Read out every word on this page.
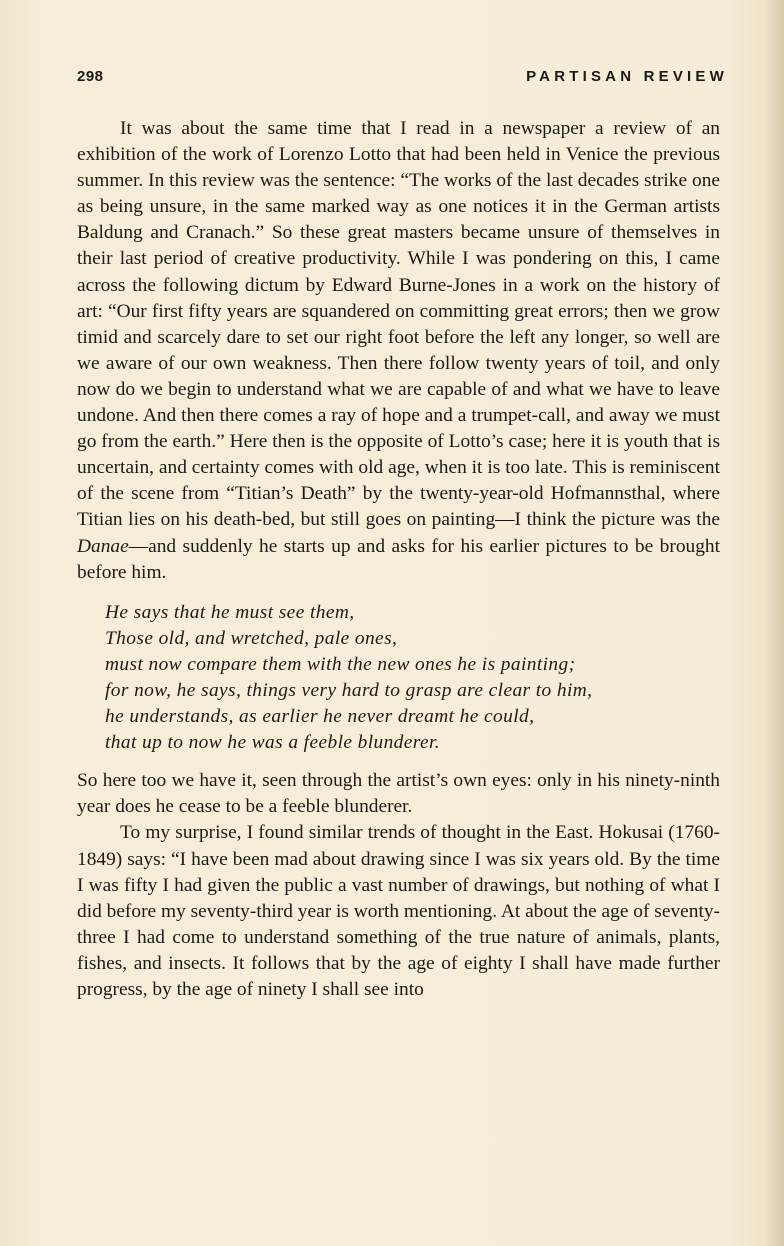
298	PARTISAN REVIEW

It was about the same time that I read in a newspaper a review of an exhibition of the work of Lorenzo Lotto that had been held in Venice the previous summer. In this review was the sentence: “The works of the last decades strike one as being unsure, in the same marked way as one notices it in the German artists Baldung and Cranach.” So these great masters became unsure of themselves in their last period of creative productivity. While I was pondering on this, I came across the following dictum by Edward Burne-Jones in a work on the history of art: “Our first fifty years are squandered on committing great errors; then we grow timid and scarcely dare to set our right foot before the left any longer, so well are we aware of our own weakness. Then there follow twenty years of toil, and only now do we begin to understand what we are capable of and what we have to leave undone. And then there comes a ray of hope and a trumpet-call, and away we must go from the earth.” Here then is the opposite of Lotto’s case; here it is youth that is uncertain, and certainty comes with old age, when it is too late. This is reminiscent of the scene from “Titian’s Death” by the twenty-year-old Hofmannsthal, where Titian lies on his death-bed, but still goes on painting—I think the picture was the Danae—and suddenly he starts up and asks for his earlier pictures to be brought before him.

He says that he must see them,
Those old, and wretched, pale ones,
must now compare them with the new ones he is painting;
for now, he says, things very hard to grasp are clear to him,
he understands, as earlier he never dreamt he could,
that up to now he was a feeble blunderer.

So here too we have it, seen through the artist’s own eyes: only in his ninety-ninth year does he cease to be a feeble blunderer.

To my surprise, I found similar trends of thought in the East. Hokusai (1760-1849) says: “I have been mad about drawing since I was six years old. By the time I was fifty I had given the public a vast number of drawings, but nothing of what I did before my seventy-third year is worth mentioning. At about the age of seventy-three I had come to understand something of the true nature of animals, plants, fishes, and insects. It follows that by the age of eighty I shall have made further progress, by the age of ninety I shall see into
